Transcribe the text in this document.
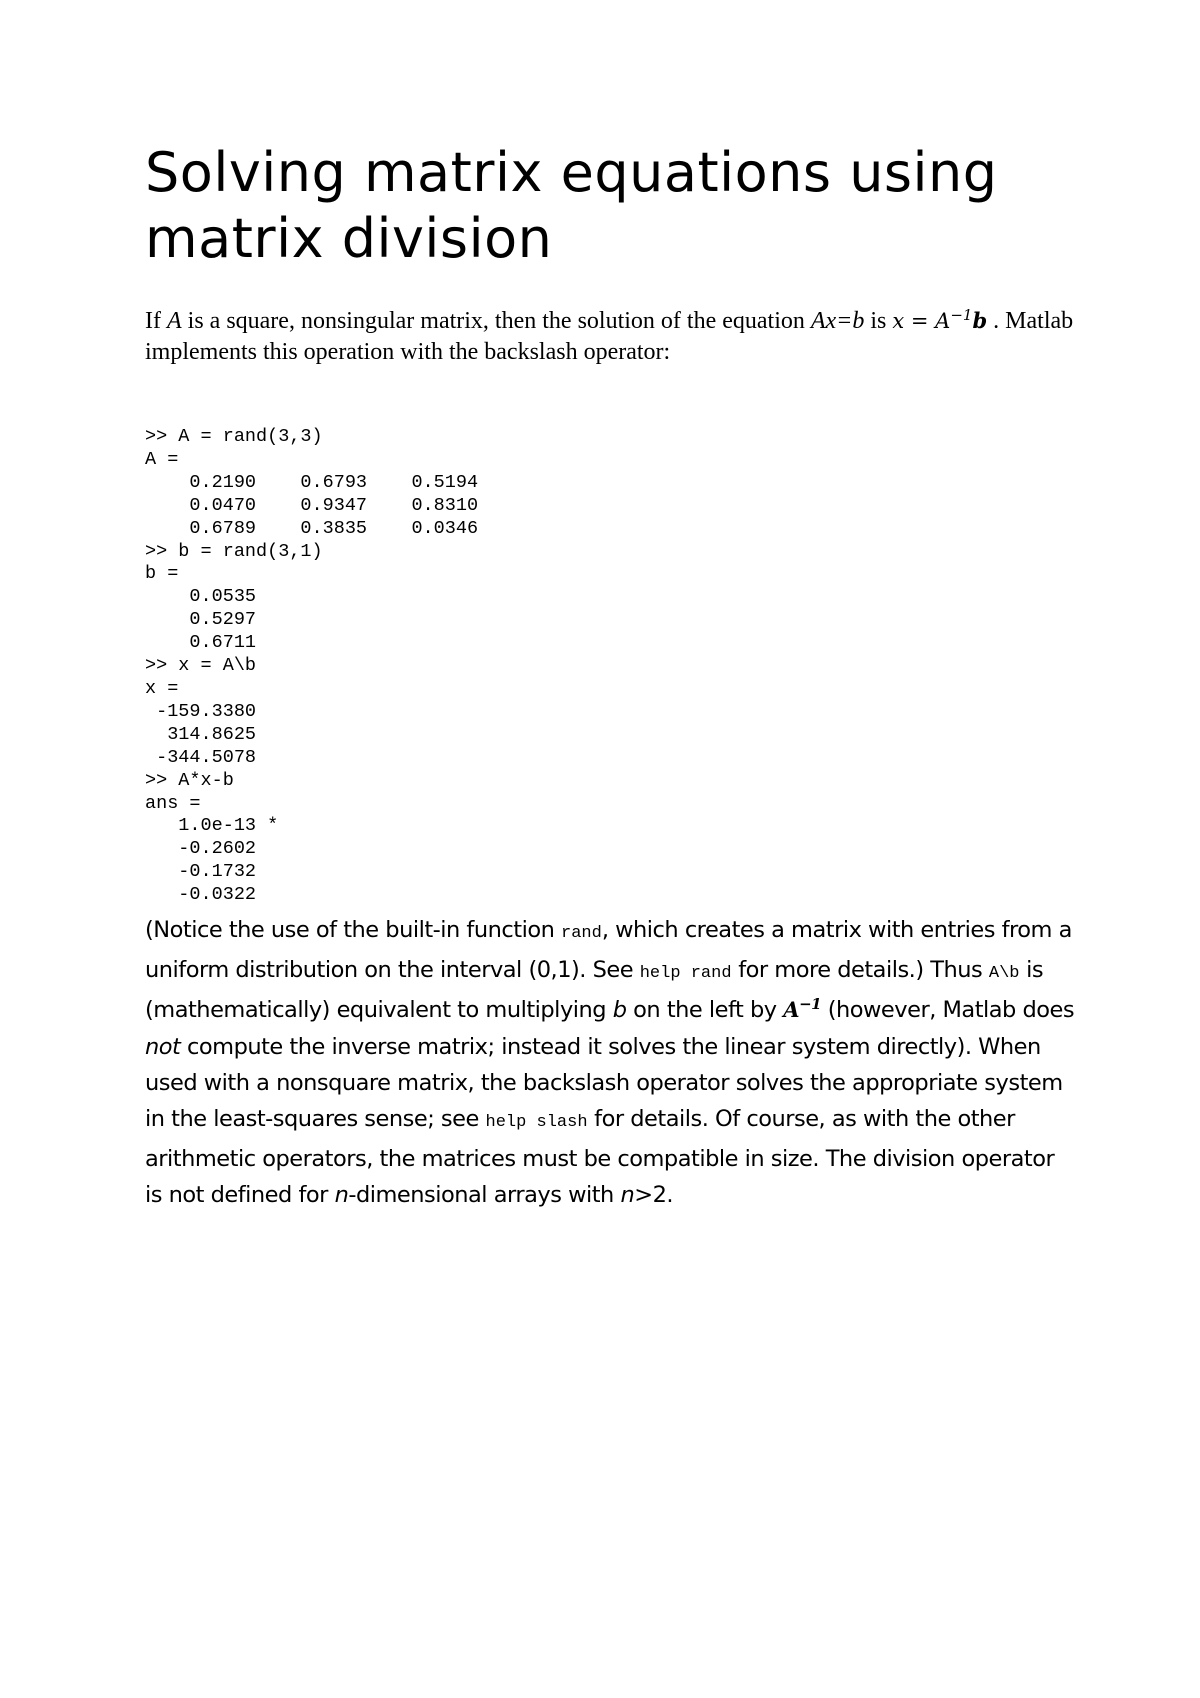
Solving matrix equations using matrix division

If A is a square, nonsingular matrix, then the solution of the equation Ax=b is $x = A^{-1}b$ . Matlab implements this operation with the backslash operator:

>> A = rand(3,3)
A =
0.2190    0.6793    0.5194
0.0470    0.9347    0.8310
0.6789    0.3835    0.0346
>> b = rand(3,1)
b =
0.0535
0.5297
0.6711
>> x = A\b
x =
-159.3380
314.8625
-344.5078
>> A*x-b
ans =
1.0e-13 *
-0.2602
-0.1732
-0.0322

(Notice the use of the built-in function rand, which creates a matrix with entries from a uniform distribution on the interval (0,1). See help rand for more details.) Thus A\b is (mathematically) equivalent to multiplying b on the left by $A^{-1}$ (however, Matlab does not compute the inverse matrix; instead it solves the linear system directly). When used with a nonsquare matrix, the backslash operator solves the appropriate system in the least-squares sense; see help slash for details. Of course, as with the other arithmetic operators, the matrices must be compatible in size. The division operator is not defined for n-dimensional arrays with n>2.
